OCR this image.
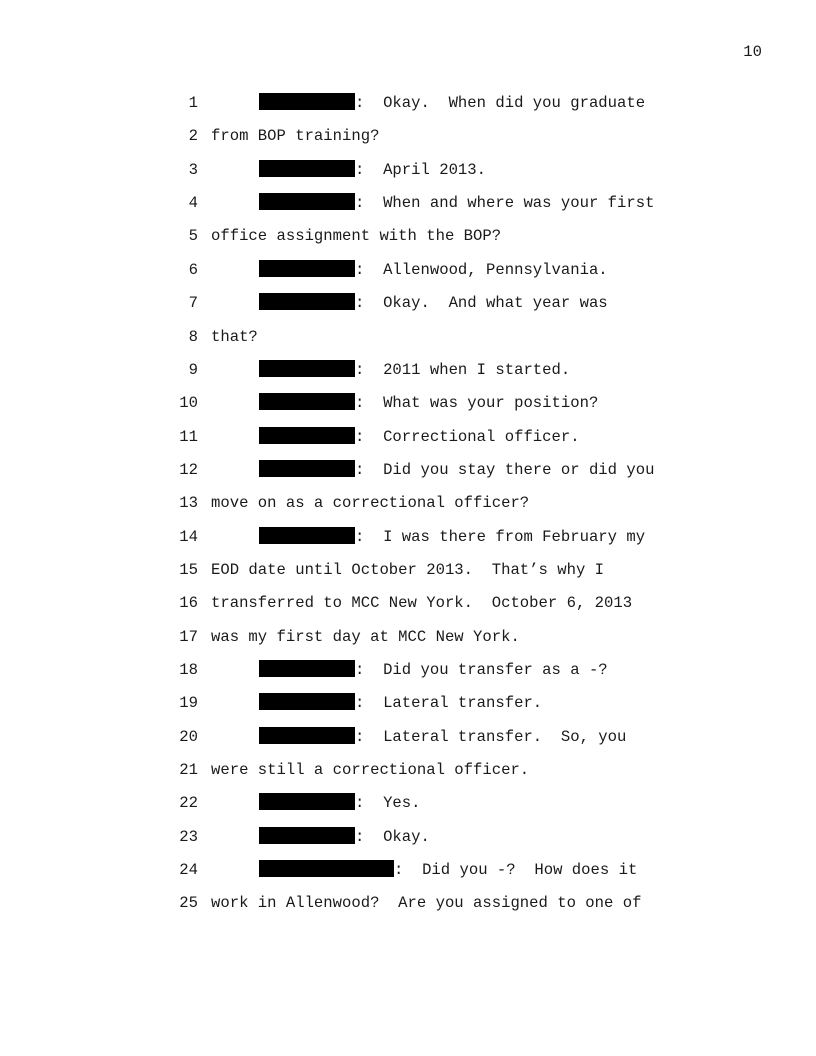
10
1	:  Okay.  When did you graduate
2 from BOP training?
3	:  April 2013.
4	:  When and where was your first
5 office assignment with the BOP?
6	:  Allenwood, Pennsylvania.
7	:  Okay.  And what year was
8 that?
9	:  2011 when I started.
10	:  What was your position?
11	:  Correctional officer.
12	:  Did you stay there or did you
13 move on as a correctional officer?
14	:  I was there from February my
15 EOD date until October 2013.  That’s why I
16 transferred to MCC New York.  October 6, 2013
17 was my first day at MCC New York.
18	:  Did you transfer as a -?
19	:  Lateral transfer.
20	:  Lateral transfer.  So, you
21 were still a correctional officer.
22	:  Yes.
23	:  Okay.
24	:  Did you -?  How does it
25 work in Allenwood?  Are you assigned to one of
